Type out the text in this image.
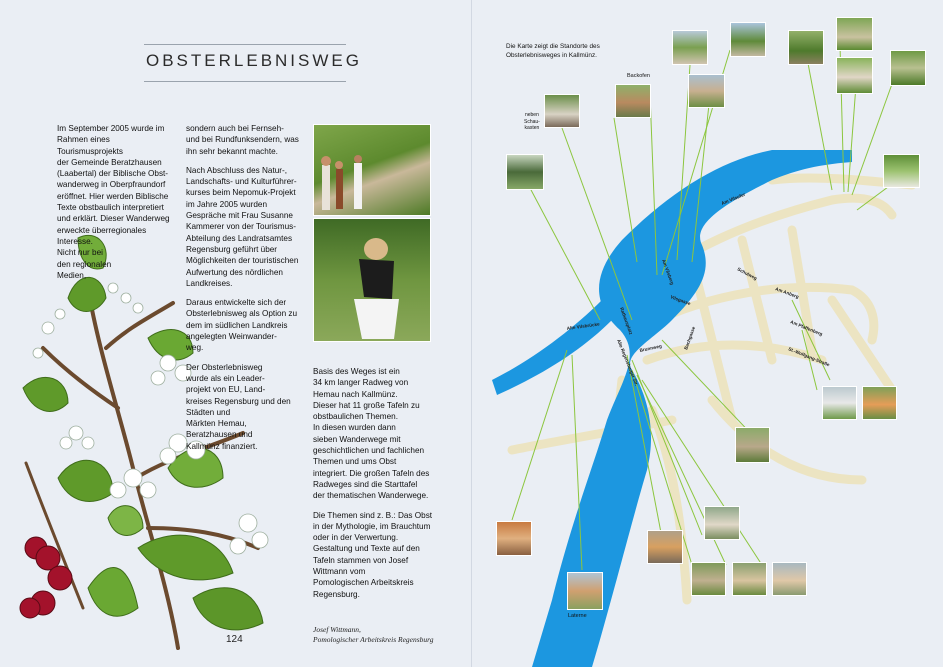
OBSTERLEBNISWEG

Im September 2005 wurde im
Rahmen eines Tourismusprojekts
der Gemeinde Beratzhausen
(Laabertal) der Biblische Obst-
wanderweg in Oberpfraundorf
eröffnet. Hier werden Biblische
Texte obstbaulich interpretiert
und erklärt. Dieser Wanderweg
erweckte überregionales
Interesse.
Nicht nur bei
den regionalen
Medien,

sondern auch bei Fernseh-
und bei Rundfunksendern, was
ihn sehr bekannt machte.

Nach Abschluss des Natur-,
Landschafts- und Kulturführer-
kurses beim Nepomuk-Projekt
im Jahre 2005 wurden
Gespräche mit Frau Susanne
Kammerer von der Tourismus-
Abteilung des Landratsamtes
Regensburg geführt über
Möglichkeiten der touristischen
Aufwertung des nördlichen
Landkreises.

Daraus entwickelte sich der
Obsterlebnisweg als Option zu
dem im südlichen Landkreis
angelegten Weinwander-
weg.

Der Obsterlebnisweg
wurde als ein Leader-
projekt von EU, Land-
kreises Regensburg und den
Städten und
Märkten Hemau,
Beratzhausen und
Kallmünz finanziert.

Basis des Weges ist ein
34 km langer Radweg von
Hemau nach Kallmünz.
Dieser hat 11 große Tafeln zu
obstbaulichen Themen.
In diesen wurden dann
sieben Wanderwege mit
geschichtlichen und fachlichen
Themen und ums Obst
integriert. Die großen Tafeln des
Radweges sind die Starttafel
der thematischen Wanderwege.

Die Themen sind z. B.: Das Obst
in der Mythologie, im Brauchtum
oder in der Verwertung.
Gestaltung und Texte auf den
Tafeln stammen von Josef
Wittmann vom
Pomologischen Arbeitskreis
Regensburg.

Josef Wittmann,
Pomologischer Arbeitskreis Regensburg
124
Die Karte zeigt die Standorte des
Obsterlebnisweges in Kallmünz.
Am Vilsufer
Alte Vilsbrücke	Rathausplatz
Am Vilsberg
Vilsgasse
Schulweg
Am Anberg
Am Pfaffenberg
St.-Wolfgang-Straße
Alte Regensburger Str. Brunnweg	Bachgasse
Backofen
neben
Schau-
kasten
Laterne
